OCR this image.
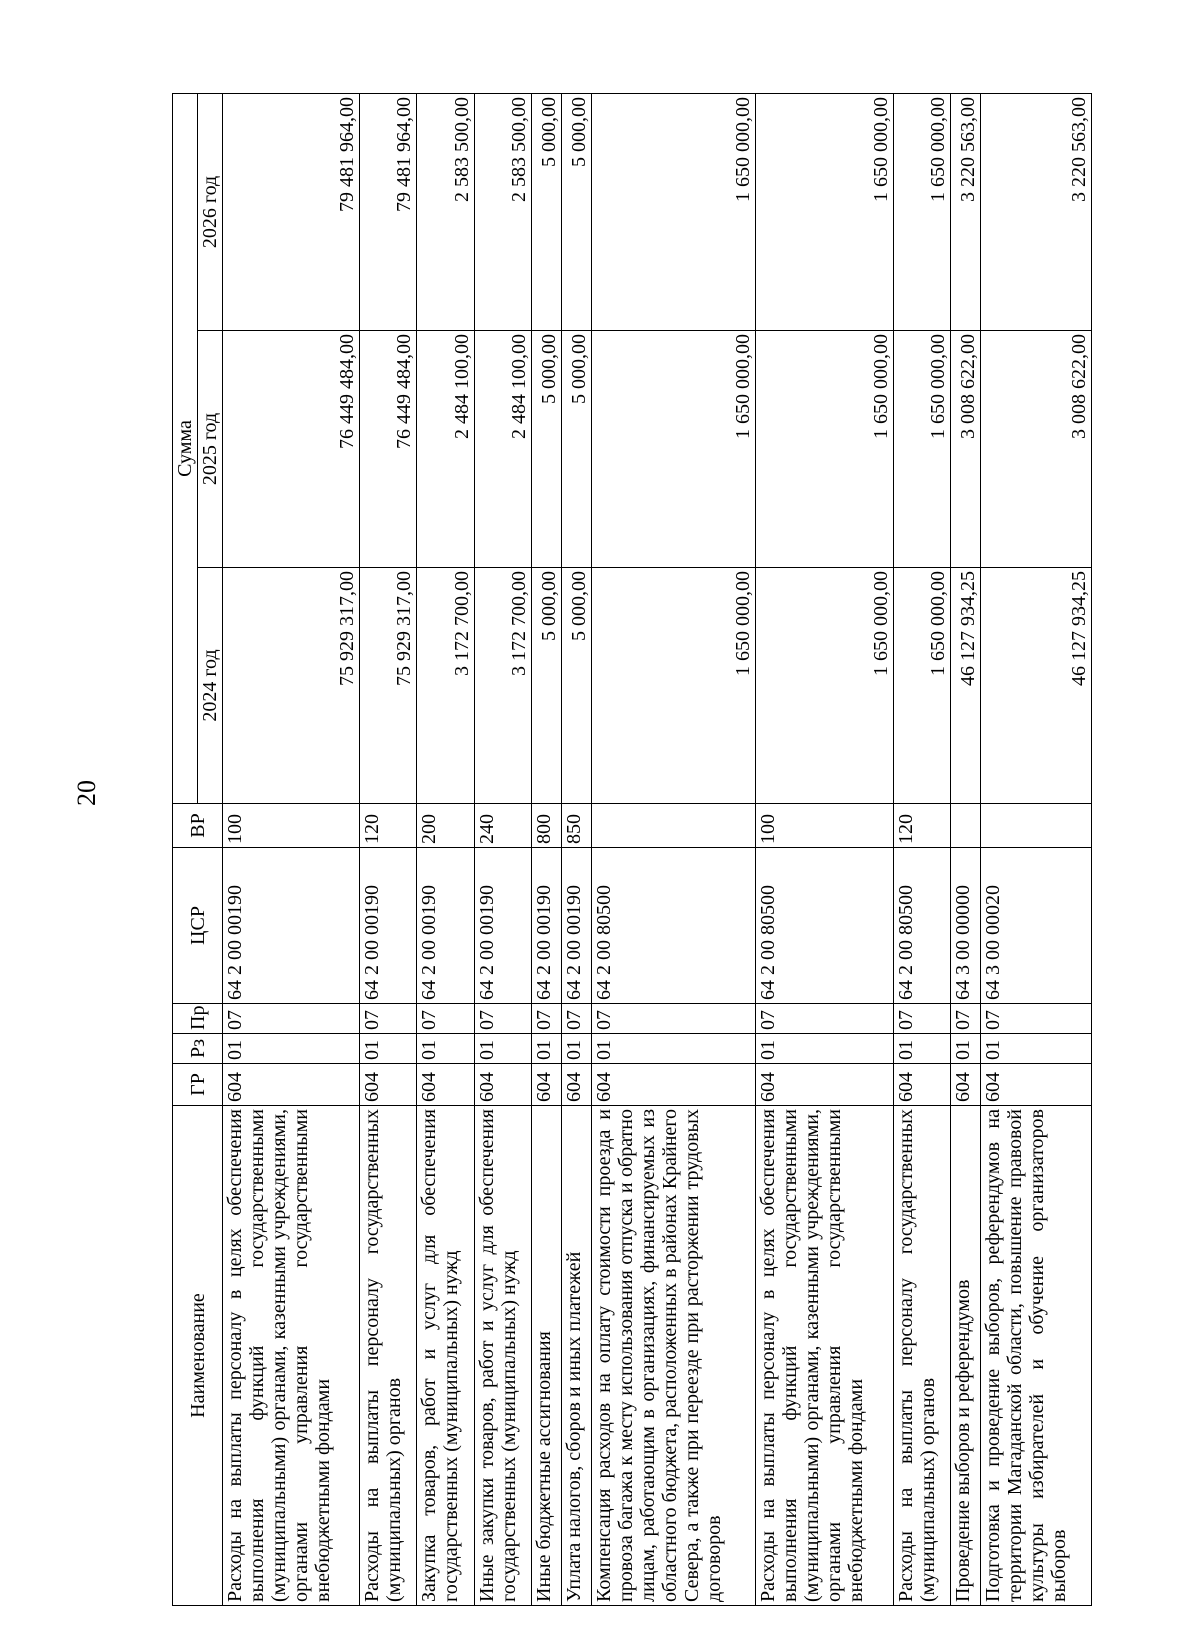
20
Наименование	ГР	Рз	Пр	ЦСР	ВР	Сумма		
						2024 год	2025 год	2026 год
Расходы на выплаты персоналу в целях обеспечения выполнения функций государственными (муниципальными) органами, казенными учреждениями, органами управления государственными внебюджетными фондами	604	01	07	64 2 00 00190	100	75 929 317,00	76 449 484,00	79 481 964,00
Расходы на выплаты персоналу государственных (муниципальных) органов	604	01	07	64 2 00 00190	120	75 929 317,00	76 449 484,00	79 481 964,00
Закупка товаров, работ и услуг для обеспечения государственных (муниципальных) нужд	604	01	07	64 2 00 00190	200	3 172 700,00	2 484 100,00	2 583 500,00
Иные закупки товаров, работ и услуг для обеспечения государственных (муниципальных) нужд	604	01	07	64 2 00 00190	240	3 172 700,00	2 484 100,00	2 583 500,00
Иные бюджетные ассигнования	604	01	07	64 2 00 00190	800	5 000,00	5 000,00	5 000,00
Уплата налогов, сборов и иных платежей	604	01	07	64 2 00 00190	850	5 000,00	5 000,00	5 000,00
Компенсация расходов на оплату стоимости проезда и провоза багажа к месту использования отпуска и обратно лицам, работающим в организациях, финансируемых из областного бюджета, расположенных в районах Крайнего Севера, а также при переезде при расторжении трудовых договоров	604	01	07	64 2 00 80500		1 650 000,00	1 650 000,00	1 650 000,00
Расходы на выплаты персоналу в целях обеспечения выполнения функций государственными (муниципальными) органами, казенными учреждениями, органами управления государственными внебюджетными фондами	604	01	07	64 2 00 80500	100	1 650 000,00	1 650 000,00	1 650 000,00
Расходы на выплаты персоналу государственных (муниципальных) органов	604	01	07	64 2 00 80500	120	1 650 000,00	1 650 000,00	1 650 000,00
Проведение выборов и референдумов	604	01	07	64 3 00 00000		46 127 934,25	3 008 622,00	3 220 563,00
Подготовка и проведение выборов, референдумов на территории Магаданской области, повышение правовой культуры избирателей и обучение организаторов выборов	604	01	07	64 3 00 00020		46 127 934,25	3 008 622,00	3 220 563,00
